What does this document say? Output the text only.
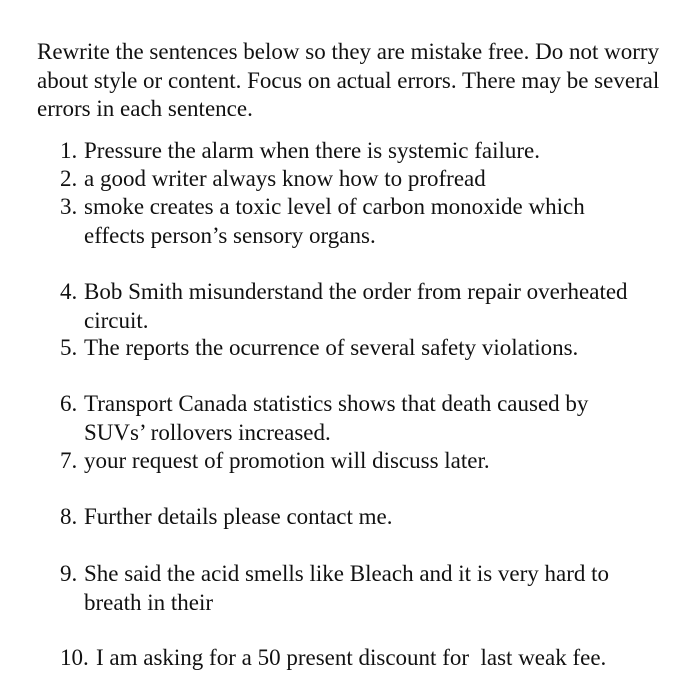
Rewrite the sentences below so they are mistake free. Do not worry about style or content. Focus on actual errors. There may be several errors in each sentence.

1. Pressure the alarm when there is systemic failure.
2. a good writer always know how to profread
3. smoke creates a toxic level of carbon monoxide which
effects person’s sensory organs.
4. Bob Smith misunderstand the order from repair overheated
circuit.
5. The reports the ocurrence of several safety violations.
6. Transport Canada statistics shows that death caused by
SUVs’ rollovers increased.
7. your request of promotion will discuss later.
8. Further details please contact me.
9. She said the acid smells like Bleach and it is very hard to
breath in their
10. I am asking for a 50 present discount for  last weak fee.
